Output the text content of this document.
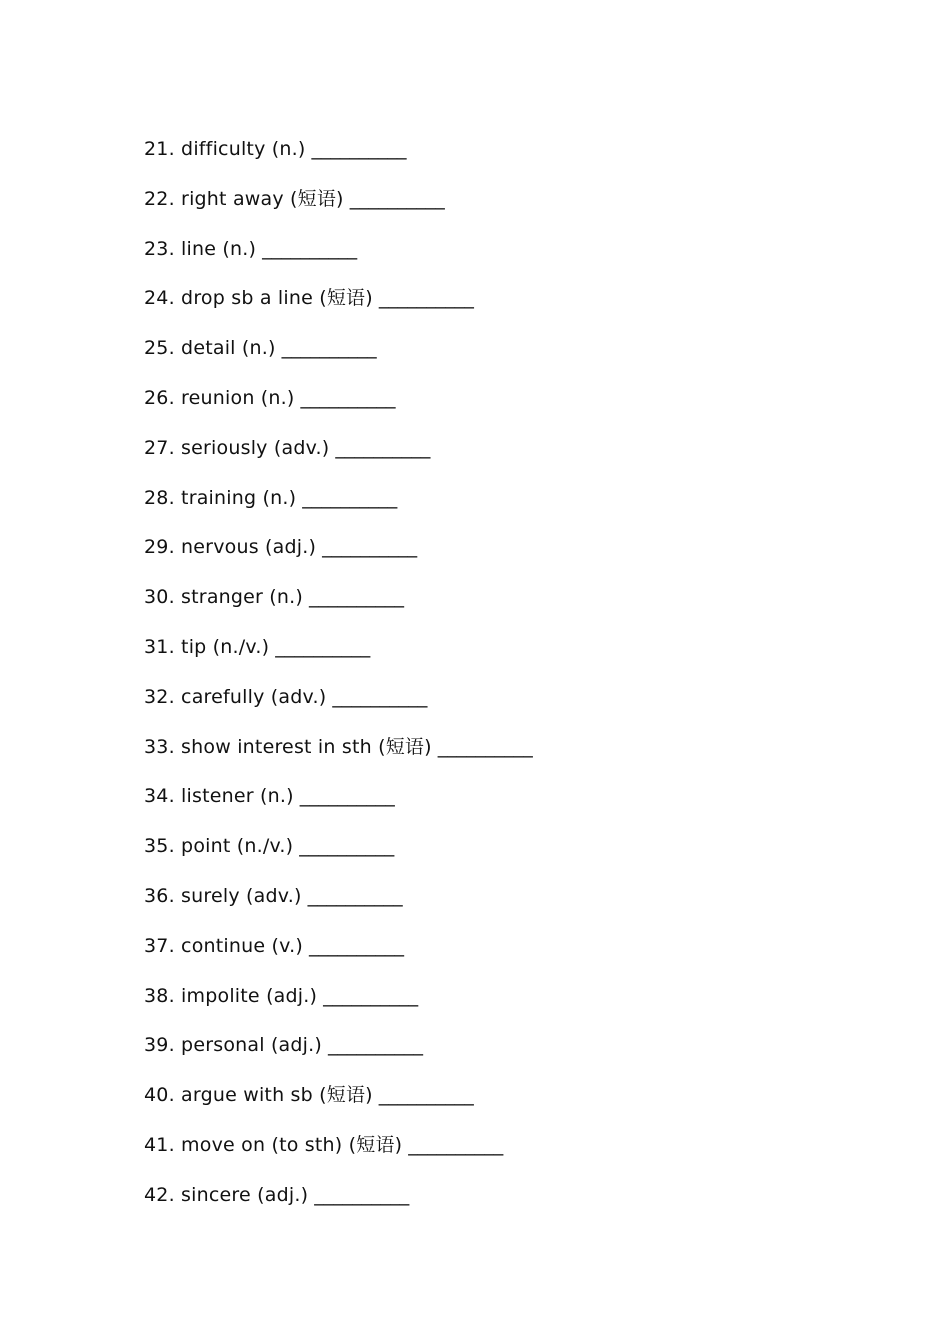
21. difficulty (n.) __________
22. right away (短语) __________
23. line (n.) __________
24. drop sb a line (短语) __________
25. detail (n.) __________
26. reunion (n.) __________
27. seriously (adv.) __________
28. training (n.) __________
29. nervous (adj.) __________
30. stranger (n.) __________
31. tip (n./v.) __________
32. carefully (adv.) __________
33. show interest in sth (短语) __________
34. listener (n.) __________
35. point (n./v.) __________
36. surely (adv.) __________
37. continue (v.) __________
38. impolite (adj.) __________
39. personal (adj.) __________
40. argue with sb (短语) __________
41. move on (to sth) (短语) __________
42. sincere (adj.) __________
